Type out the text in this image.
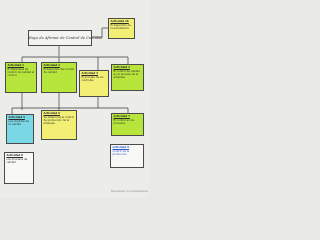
Rayo de Afirmac de Control de Cantidad
Actividad 16
El desarrollo de la actividad la
Actividad 1
El Materiales de Control de calidad el control
Actividad 2
El desarrollo del control de calidad	Actividad 3
El proceso de los controles
Actividad 4
El control de calidad en el proceso de la empresa
Actividad 5
Las medidas de la calidad
Actividad 6
Se determina el control de producción de la empresa
Actividad 7
El control en los procesos
Actividad 8
Los procesos de calidad
Actividad 9
Control de la producción
Escaneado con CamScanner
